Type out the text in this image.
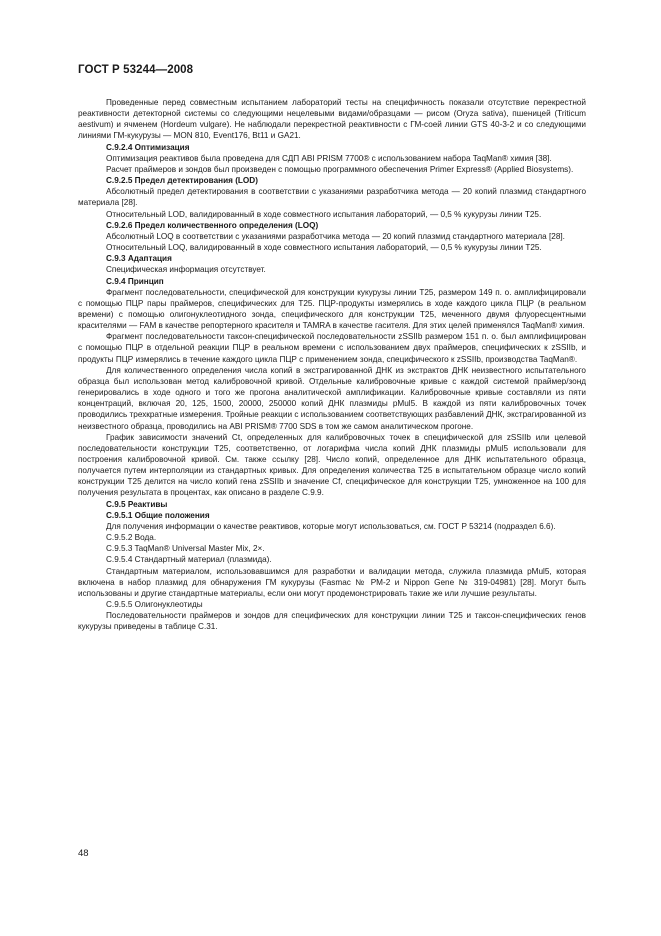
ГОСТ Р 53244—2008

Проведенные перед совместным испытанием лабораторий тесты на специфичность показали отсутствие перекрестной реактивности детекторной системы со следующими нецелевыми видами/образцами — рисом (Oryza sativa), пшеницей (Triticum aestivum) и ячменем (Hordeum vulgare). Не наблюдали перекрестной реактивности с ГМ-соей линии GTS 40-3-2 и со следующими линиями ГМ-кукурузы — MON 810, Event176, Bt11 и GA21.

C.9.2.4 Оптимизация

Оптимизация реактивов была проведена для СДП ABI PRISM 7700® с использованием набора TaqMan® химия [38].

Расчет праймеров и зондов был произведен с помощью программного обеспечения Primer Express® (Applied Biosystems).

C.9.2.5 Предел детектирования (LOD)

Абсолютный предел детектирования в соответствии с указаниями разработчика метода — 20 копий плазмид стандартного материала [28].

Относительный LOD, валидированный в ходе совместного испытания лабораторий, — 0,5 % кукурузы линии T25.

C.9.2.6 Предел количественного определения (LOQ)

Абсолютный LOQ в соответствии с указаниями разработчика метода — 20 копий плазмид стандартного материала [28].

Относительный LOQ, валидированный в ходе совместного испытания лабораторий, — 0,5 % кукурузы линии T25.

C.9.3 Адаптация

Специфическая информация отсутствует.

C.9.4 Принцип

Фрагмент последовательности, специфической для конструкции кукурузы линии T25, размером 149 п. о. амплифицировали с помощью ПЦР пары праймеров, специфических для T25. ПЦР-продукты измерялись в ходе каждого цикла ПЦР (в реальном времени) с помощью олигонуклеотидного зонда, специфического для конструкции T25, меченного двумя флуоресцентными красителями — FAM в качестве репортерного красителя и TAMRA в качестве гасителя. Для этих целей применялся TaqMan® химия.

Фрагмент последовательности таксон-специфической последовательности zSSIIb размером 151 п. о. был амплифицирован с помощью ПЦР в отдельной реакции ПЦР в реальном времени с использованием двух праймеров, специфических к zSSIIb, и продукты ПЦР измерялись в течение каждого цикла ПЦР с применением зонда, специфического к zSSIIb, производства TaqMan®.

Для количественного определения числа копий в экстрагированной ДНК из экстрактов ДНК неизвестного испытательного образца был использован метод калибровочной кривой. Отдельные калибровочные кривые с каждой системой праймер/зонд генерировались в ходе одного и того же прогона аналитической амплификации. Калибровочные кривые составляли из пяти концентраций, включая 20, 125, 1500, 20000, 250000 копий ДНК плазмиды pMul5. В каждой из пяти калибровочных точек проводились трехкратные измерения. Тройные реакции с использованием соответствующих разбавлений ДНК, экстрагированной из неизвестного образца, проводились на ABI PRISM® 7700 SDS в том же самом аналитическом прогоне.

График зависимости значений Ct, определенных для калибровочных точек в специфической для zSSIIb или целевой последовательности конструкции T25, соответственно, от логарифма числа копий ДНК плазмиды pMul5 использовали для построения калибровочной кривой. Cм. также ссылку [28]. Число копий, определенное для ДНК испытательного образца, получается путем интерполяции из стандартных кривых. Для определения количества T25 в испытательном образце число копий конструкции T25 делится на число копий гена zSSIIb и значение Cf, специфическое для конструкции T25, умноженное на 100 для получения результата в процентах, как описано в разделе C.9.9.

C.9.5 Реактивы

C.9.5.1 Общие положения

Для получения информации о качестве реактивов, которые могут использоваться, см. ГОСТ Р 53214 (подраздел 6.6).

C.9.5.2 Вода.

C.9.5.3 TaqMan® Universal Master Mix, 2×.

C.9.5.4 Стандартный материал (плазмида).

Стандартным материалом, использовавшимся для разработки и валидации метода, служила плазмида pMul5, которая включена в набор плазмид для обнаружения ГМ кукурузы (Fasmac № PM-2 и Nippon Gene № 319-04981) [28]. Могут быть использованы и другие стандартные материалы, если они могут продемонстрировать такие же или лучшие результаты.

C.9.5.5 Олигонуклеотиды

Последовательности праймеров и зондов для специфических для конструкции линии T25 и таксон-специфических генов кукурузы приведены в таблице C.31.

48
